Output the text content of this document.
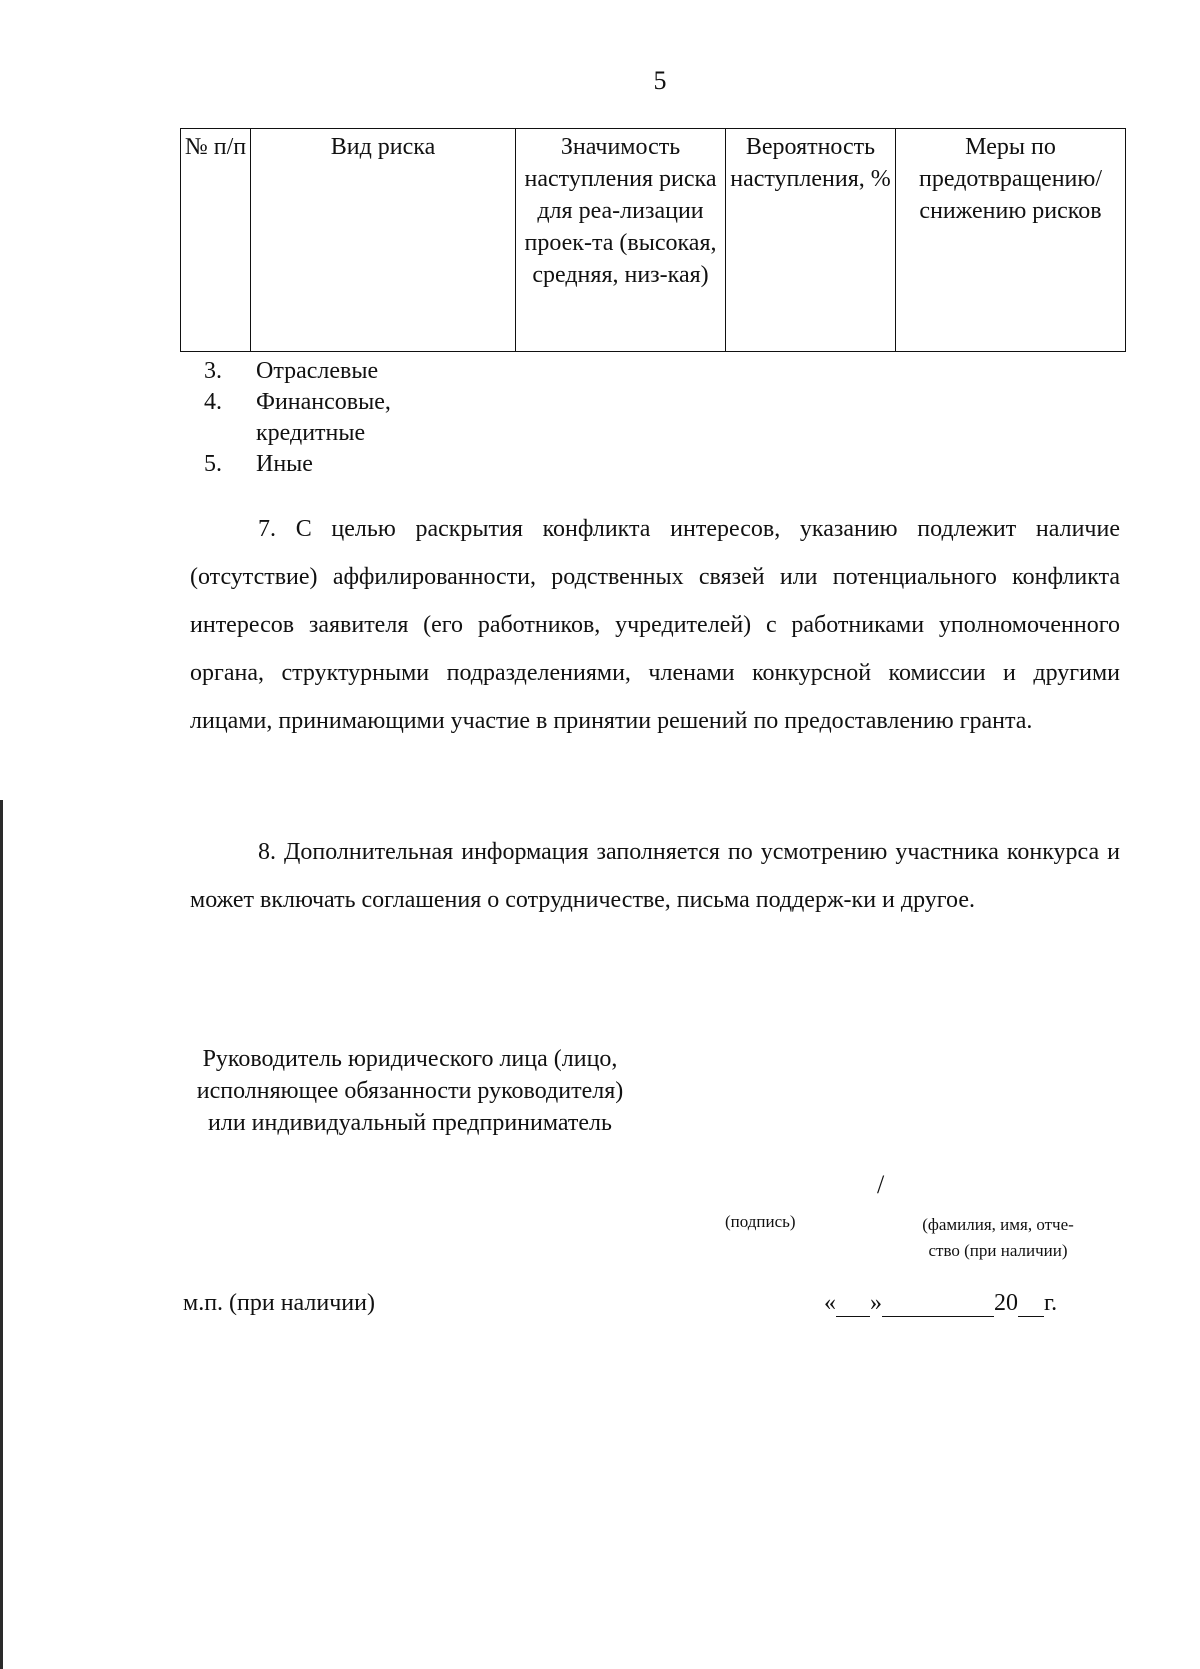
5
№ п/п	Вид риска	Значимость наступления риска для реа-лизации проек-та (высокая, средняя, низ-кая)	Вероятность наступления, %	Меры по предотвращению/ снижению рисков
3. Отраслевые
4. Финансовые, кредитные
5. Иные

7. С целью раскрытия конфликта интересов, указанию подлежит наличие (отсутствие) аффилированности, родственных связей или потенциального конфликта интересов заявителя (его работников, учредителей) с работниками уполномоченного органа, структурными подразделениями, членами конкурсной комиссии и другими лицами, принимающими участие в принятии решений по предоставлению гранта.

8. Дополнительная информация заполняется по усмотрению участника конкурса и может включать соглашения о сотрудничестве, письма поддерж-ки и другое.

Руководитель юридического лица (лицо, исполняющее обязанности руководителя) или индивидуальный предприниматель
/
(подпись)	(фамилия, имя, отче-ство (при наличии)
м.п. (при наличии)	« »	20 г.
